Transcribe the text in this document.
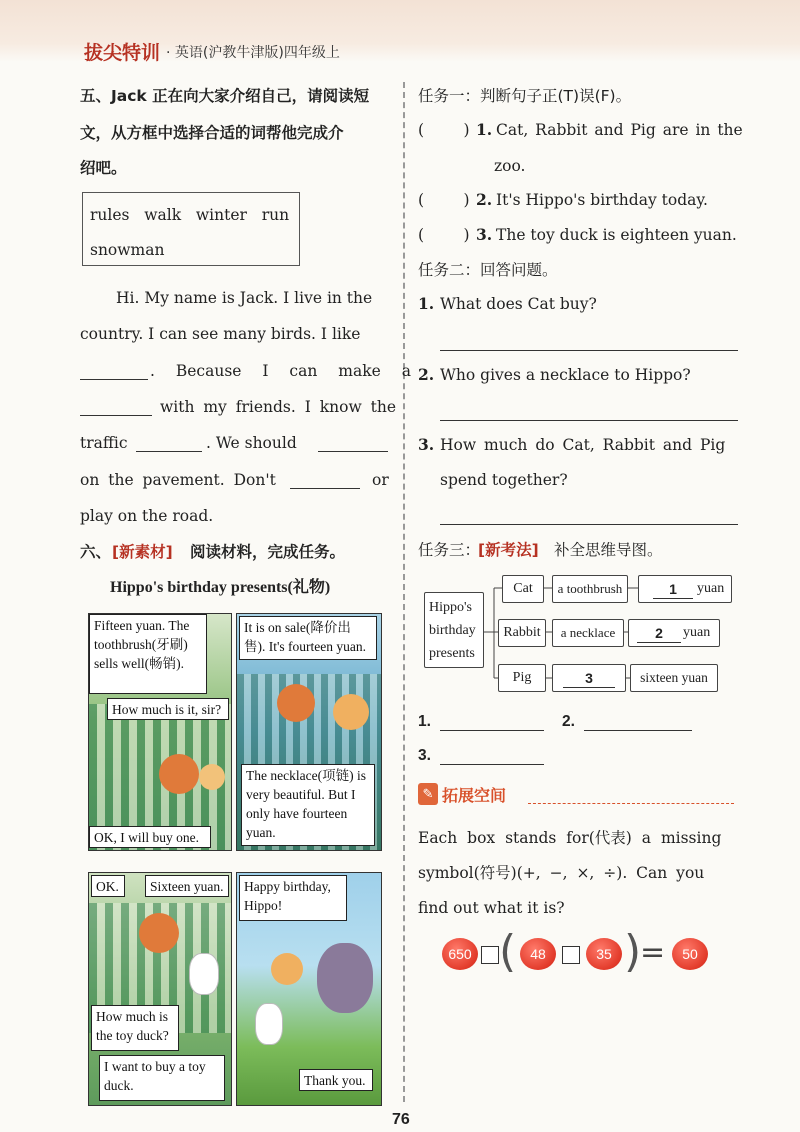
拔尖特训 · 英语(沪教牛津版)四年级上
五、Jack 正在向大家介绍自己，请阅读短
文，从方框中选择合适的词帮他完成介
绍吧。
rules   walk   winter   run
snowman
Hi. My name is Jack. I live in the
country. I can see many birds. I like
. Because I can make a
with my friends. I know the
traffic	. We should
on the pavement. Don't	or
play on the road.
六、 [新素材] 阅读材料，完成任务。
Hippo's birthday presents(礼物)
Fifteen yuan. The toothbrush(牙刷) sells well(畅销).
How much is it, sir?
OK, I will buy one.
It is on sale(降价出售). It's fourteen yuan.
The necklace(项链) is very beautiful. But I only have fourteen yuan.
OK.	Sixteen yuan.
How much is the toy duck?
I want to buy a toy duck.
Happy birthday, Hippo!
Thank you.
任务一：判断句子正(T)误(F)。
(        ) 1. Cat, Rabbit and Pig are in the
zoo.
(        ) 2. It's Hippo's birthday today.
(        ) 3. The toy duck is eighteen yuan.
任务二：回答问题。
1. What does Cat buy?
2. Who gives a necklace to Hippo?
3. How much do Cat, Rabbit and Pig
spend together?
任务三：
[新考法] 补全思维导图。
Hippo's
birthday
presents
Cat	a toothbrush	1	yuan
Rabbit	a necklace	2	yuan
Pig	3	sixteen yuan
1.	2.
3.
✎ 拓展空间
Each box stands for(代表) a missing
symbol(符号)(+, −, ×, ÷). Can you
find out what it is?
650 (	48	35 )
=	50
76
